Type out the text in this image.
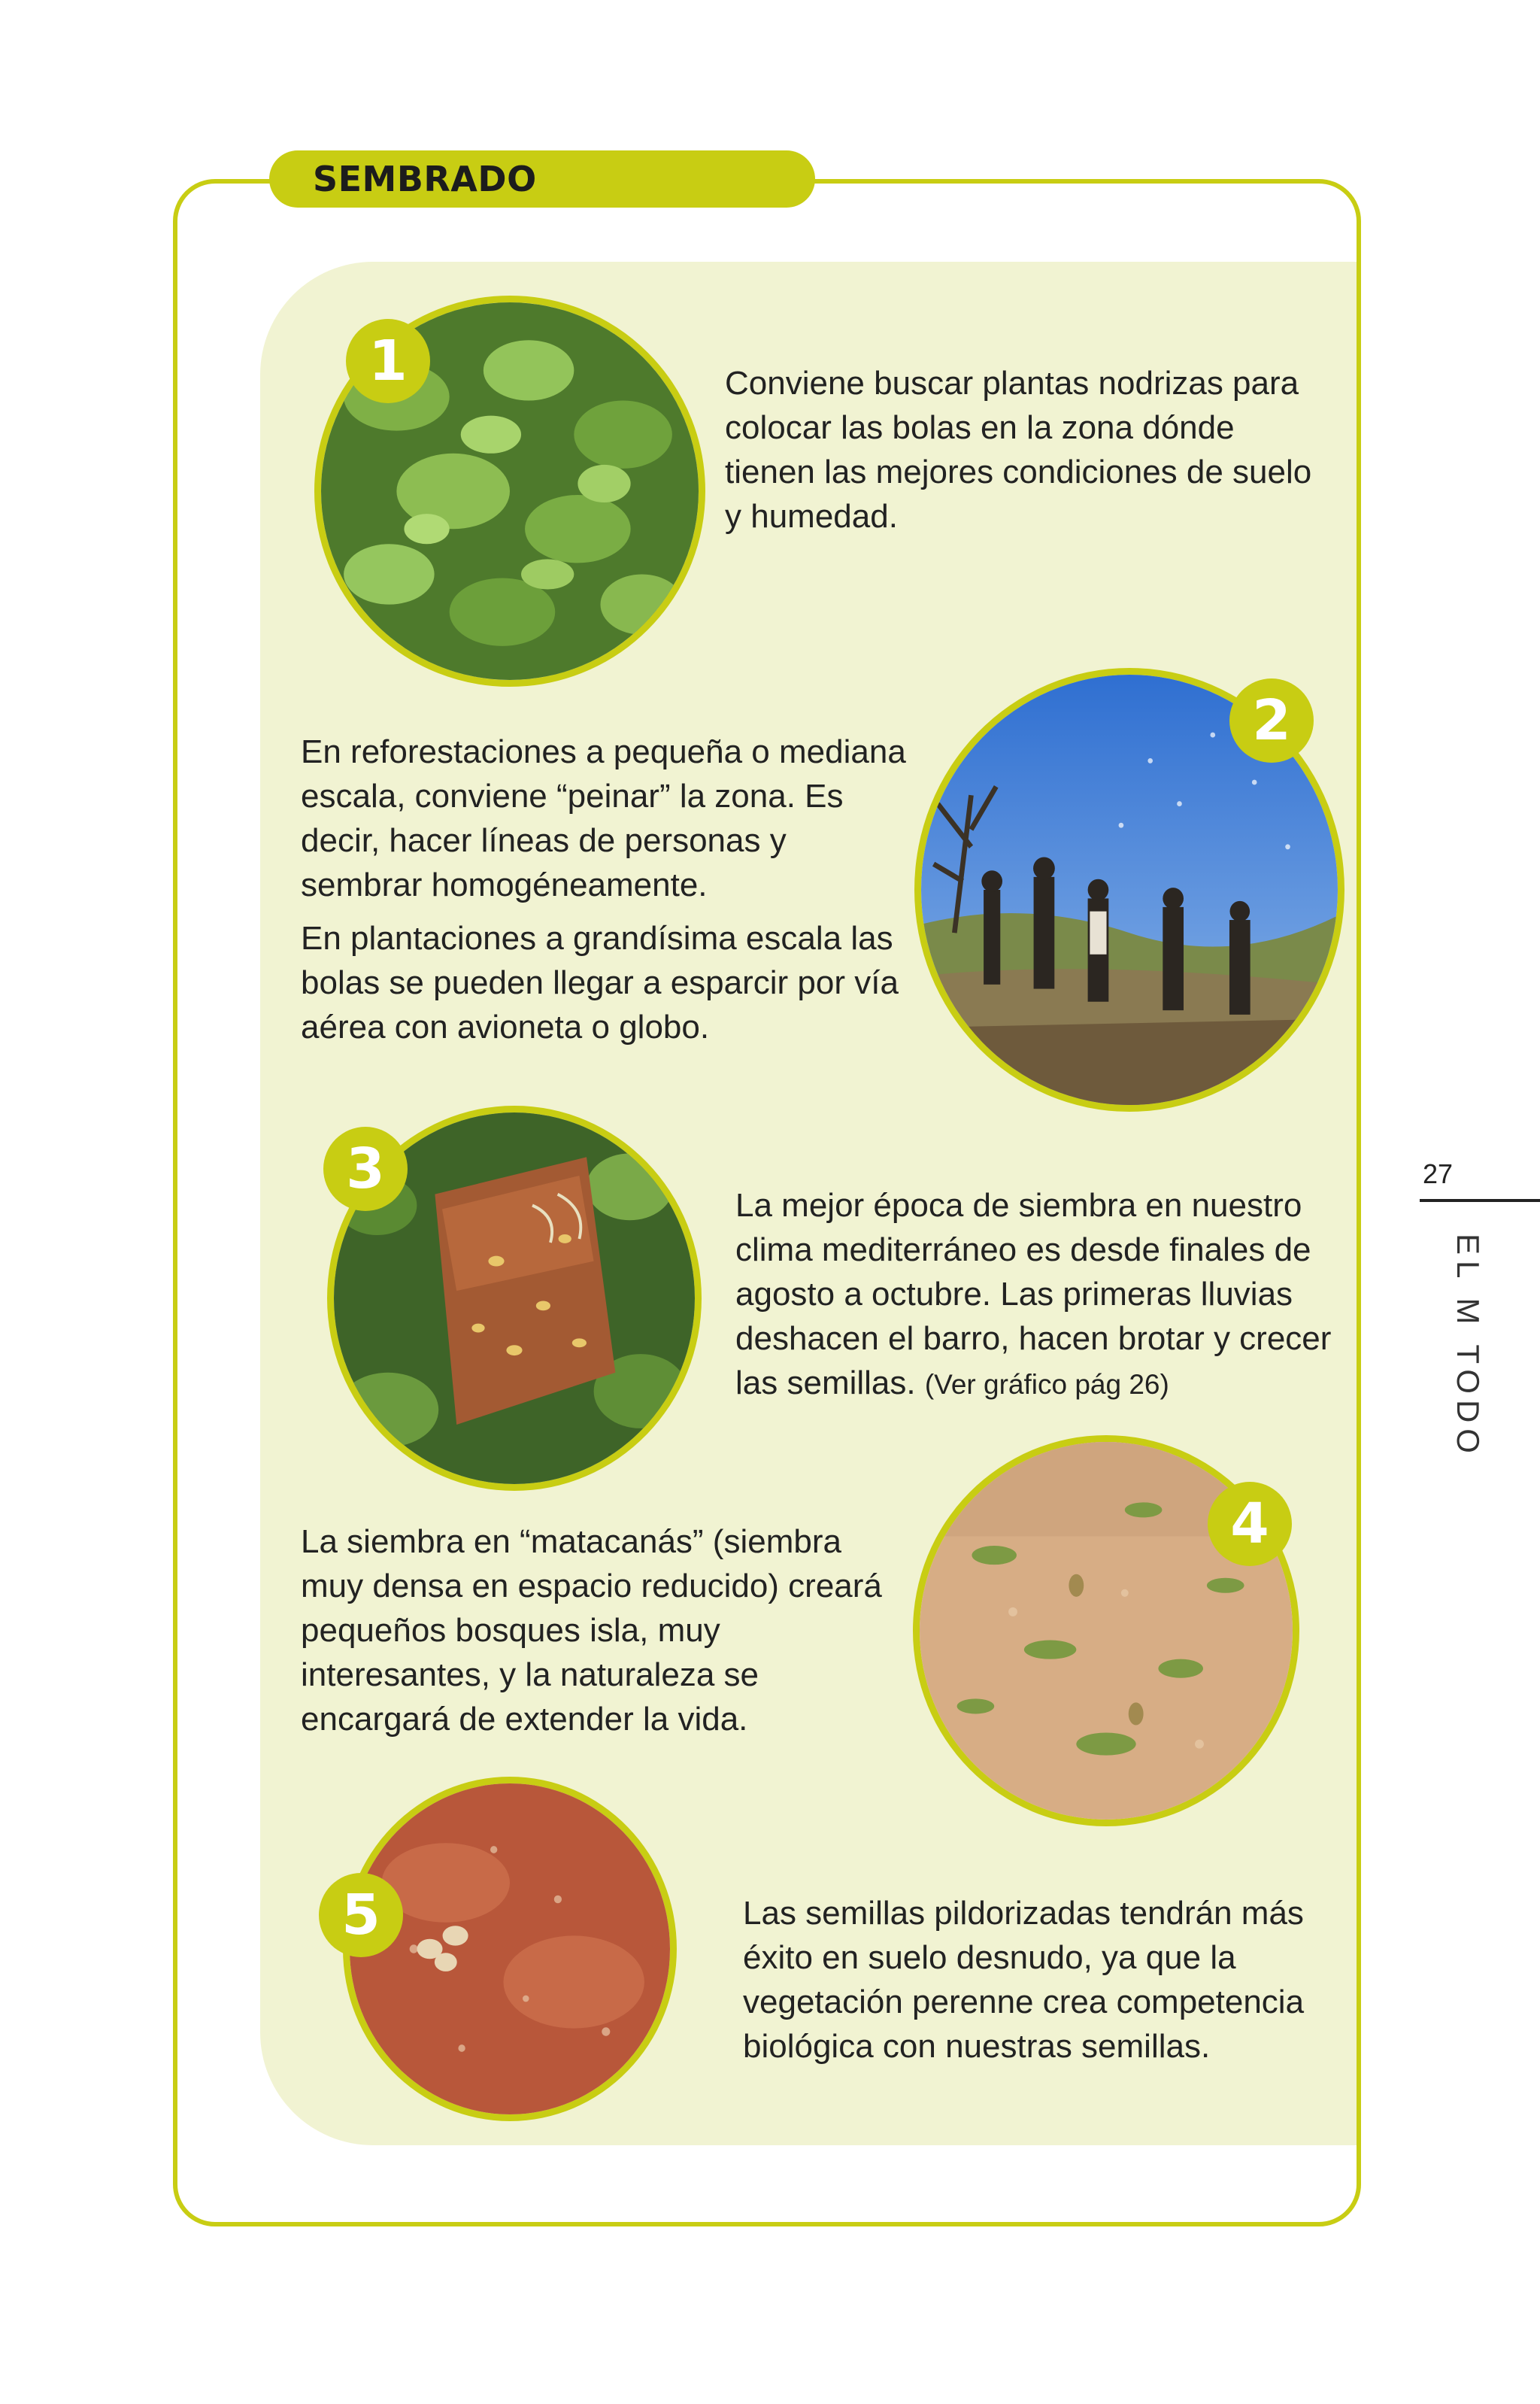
SEMBRADO
1	Conviene buscar plantas nodrizas para colocar las bolas en la zona dónde tienen las mejores condiciones de suelo y humedad.

2

En reforestaciones a pequeña o mediana escala, conviene “peinar” la zona. Es decir, hacer líneas de personas y sembrar homogéneamente.

En plantaciones a grandísima escala las bolas se pueden llegar a esparcir por vía aérea con avioneta o globo.

3

La mejor época de siembra en nuestro clima mediterráneo es desde finales de agosto a octubre. Las primeras lluvias deshacen el barro, hacen brotar y crecer las semillas. (Ver gráfico pág 26)

4

La siembra en “matacanás” (siembra muy densa en espacio reducido) creará pequeños bosques isla, muy interesantes, y la naturaleza se encargará de extender la vida.

5	Las semillas pildorizadas tendrán más éxito en suelo desnudo, ya que la vegetación perenne crea competencia biológica con nuestras semillas.

27
EL M TODO
